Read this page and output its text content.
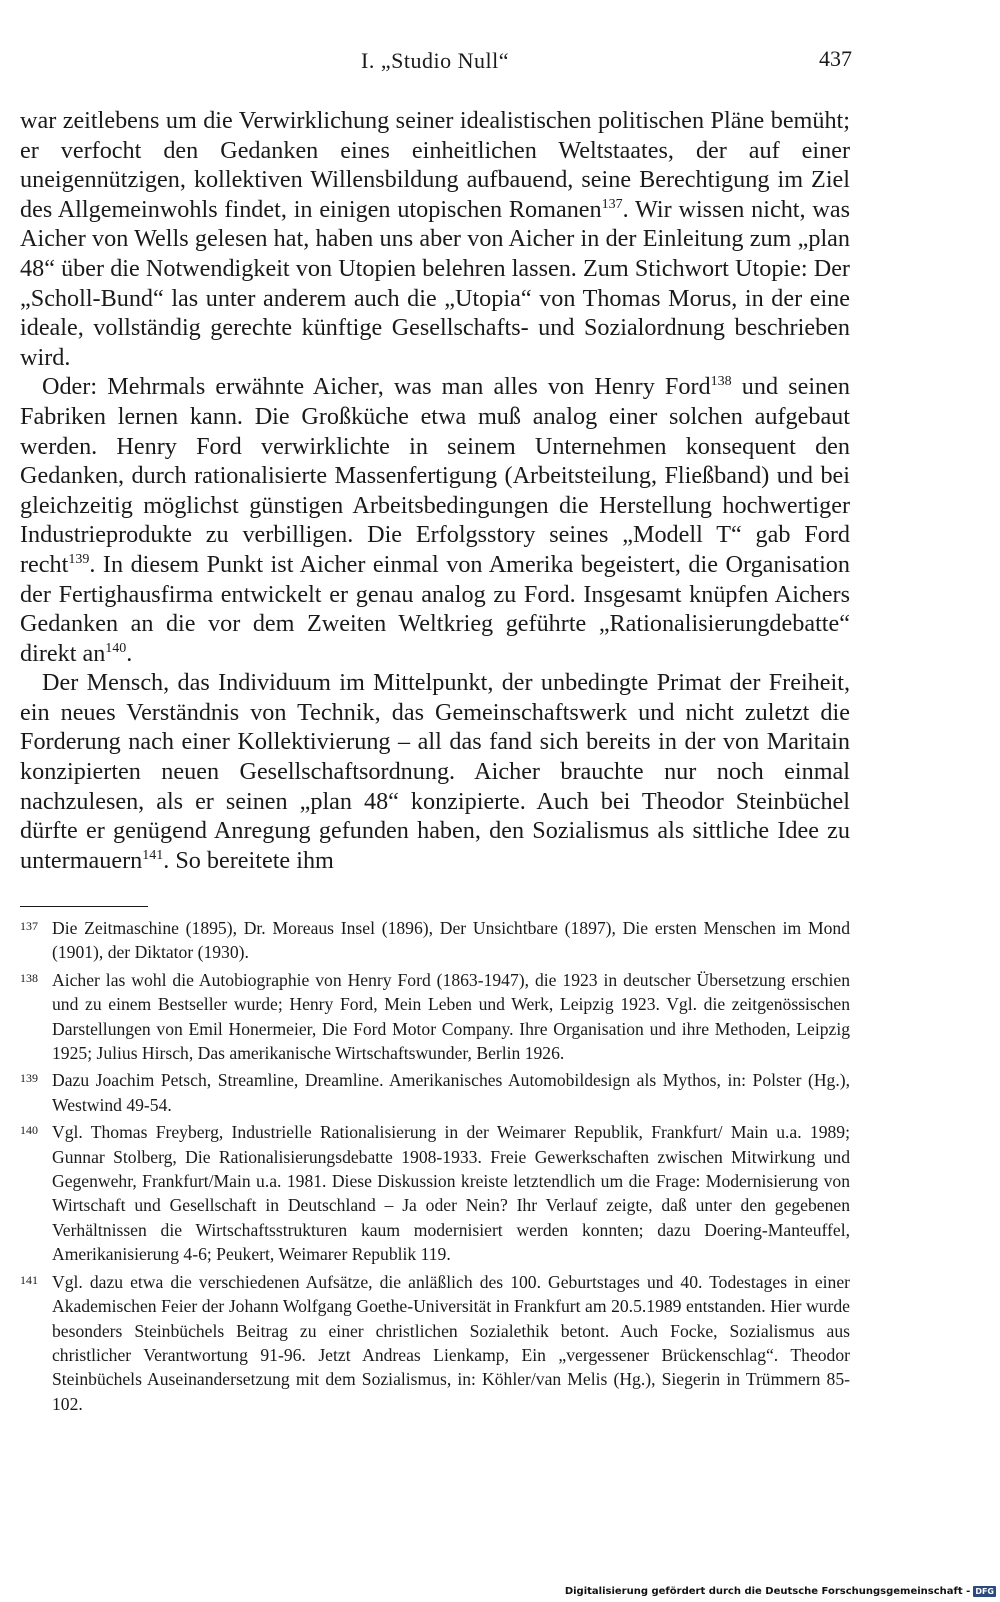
I. „Studio Null“	437

war zeitlebens um die Verwirklichung seiner idealistischen politischen Pläne bemüht; er verfocht den Gedanken eines einheitlichen Weltstaates, der auf einer uneigennützigen, kollektiven Willensbildung aufbauend, seine Berechtigung im Ziel des Allgemeinwohls findet, in einigen utopischen Romanen$^{137}$. Wir wissen nicht, was Aicher von Wells gelesen hat, haben uns aber von Aicher in der Einleitung zum „plan 48“ über die Notwendigkeit von Utopien belehren lassen. Zum Stichwort Utopie: Der „Scholl-Bund“ las unter anderem auch die „Utopia“ von Thomas Morus, in der eine ideale, vollständig gerechte künftige Gesellschafts- und Sozialordnung beschrieben wird.

Oder: Mehrmals erwähnte Aicher, was man alles von Henry Ford$^{138}$ und seinen Fabriken lernen kann. Die Großküche etwa muß analog einer solchen aufgebaut werden. Henry Ford verwirklichte in seinem Unternehmen konsequent den Gedanken, durch rationalisierte Massenfertigung (Arbeitsteilung, Fließband) und bei gleichzeitig möglichst günstigen Arbeitsbedingungen die Herstellung hochwertiger Industrieprodukte zu verbilligen. Die Erfolgsstory seines „Modell T“ gab Ford recht$^{139}$. In diesem Punkt ist Aicher einmal von Amerika begeistert, die Organisation der Fertighausfirma entwickelt er genau analog zu Ford. Insgesamt knüpfen Aichers Gedanken an die vor dem Zweiten Weltkrieg geführte „Rationalisierungdebatte“ direkt an$^{140}$.

Der Mensch, das Individuum im Mittelpunkt, der unbedingte Primat der Freiheit, ein neues Verständnis von Technik, das Gemeinschaftswerk und nicht zuletzt die Forderung nach einer Kollektivierung – all das fand sich bereits in der von Maritain konzipierten neuen Gesellschaftsordnung. Aicher brauchte nur noch einmal nachzulesen, als er seinen „plan 48“ konzipierte. Auch bei Theodor Steinbüchel dürfte er genügend Anregung gefunden haben, den Sozialismus als sittliche Idee zu untermauern$^{141}$. So bereitete ihm

137 Die Zeitmaschine (1895), Dr. Moreaus Insel (1896), Der Unsichtbare (1897), Die ersten Menschen im Mond (1901), der Diktator (1930).
138 Aicher las wohl die Autobiographie von Henry Ford (1863-1947), die 1923 in deutscher Übersetzung erschien und zu einem Bestseller wurde; Henry Ford, Mein Leben und Werk, Leipzig 1923. Vgl. die zeitgenössischen Darstellungen von Emil Honermeier, Die Ford Motor Company. Ihre Organisation und ihre Methoden, Leipzig 1925; Julius Hirsch, Das amerikanische Wirtschaftswunder, Berlin 1926.
139 Dazu Joachim Petsch, Streamline, Dreamline. Amerikanisches Automobildesign als Mythos, in: Polster (Hg.), Westwind 49-54.
140 Vgl. Thomas Freyberg, Industrielle Rationalisierung in der Weimarer Republik, Frankfurt/ Main u.a. 1989; Gunnar Stolberg, Die Rationalisierungsdebatte 1908-1933. Freie Gewerkschaften zwischen Mitwirkung und Gegenwehr, Frankfurt/Main u.a. 1981. Diese Diskussion kreiste letztendlich um die Frage: Modernisierung von Wirtschaft und Gesellschaft in Deutschland – Ja oder Nein? Ihr Verlauf zeigte, daß unter den gegebenen Verhältnissen die Wirtschaftsstrukturen kaum modernisiert werden konnten; dazu Doering-Manteuffel, Amerikanisierung 4-6; Peukert, Weimarer Republik 119.
141 Vgl. dazu etwa die verschiedenen Aufsätze, die anläßlich des 100. Geburtstages und 40. Todestages in einer Akademischen Feier der Johann Wolfgang Goethe-Universität in Frankfurt am 20.5.1989 entstanden. Hier wurde besonders Steinbüchels Beitrag zu einer christlichen Sozialethik betont. Auch Focke, Sozialismus aus christlicher Verantwortung 91-96. Jetzt Andreas Lienkamp, Ein „vergessener Brückenschlag“. Theodor Steinbüchels Auseinandersetzung mit dem Sozialismus, in: Köhler/van Melis (Hg.), Siegerin in Trümmern 85-102.
Digitalisierung gefördert durch die Deutsche Forschungsgemeinschaft - DFG
